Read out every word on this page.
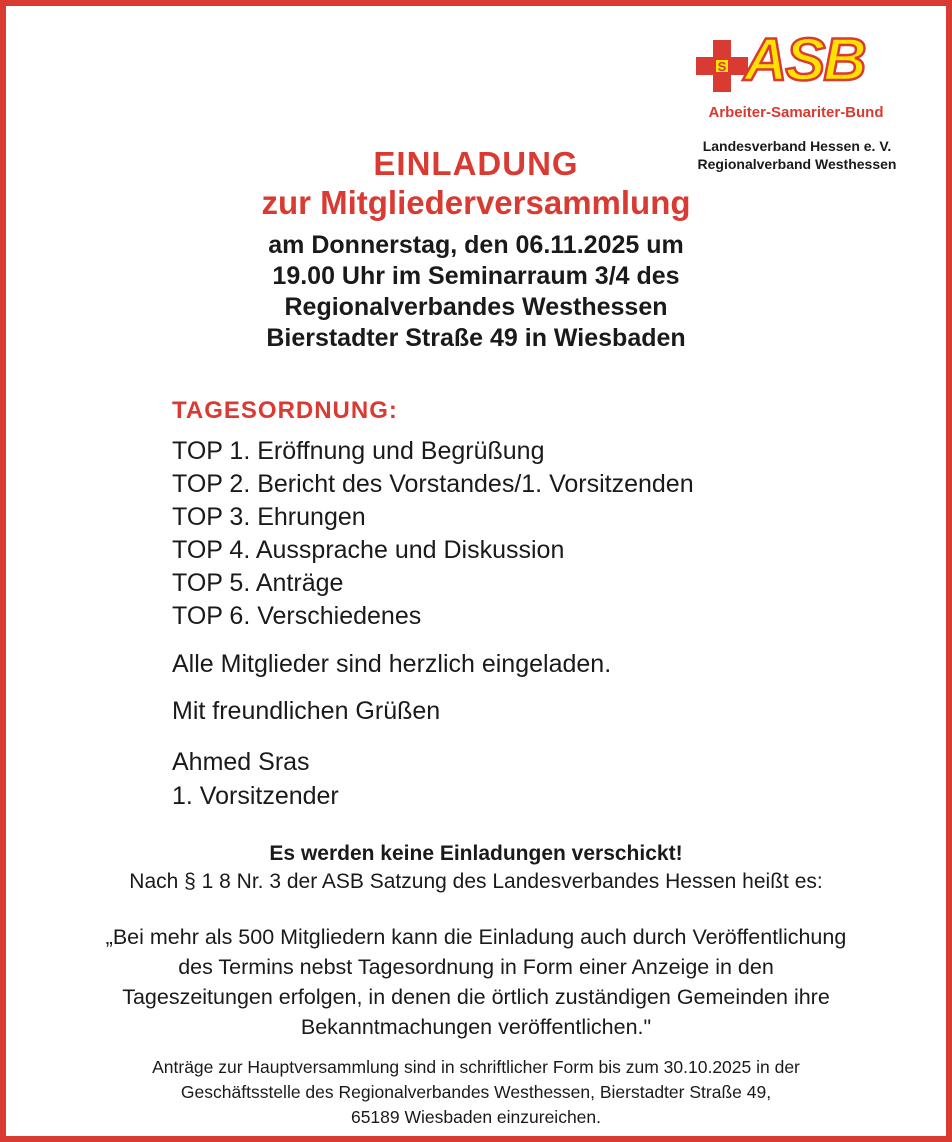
S ASB
Arbeiter-Samariter-Bund
Landesverband Hessen e. V.
Regionalverband Westhessen
EINLADUNG
zur Mitgliederversammlung
am Donnerstag, den 06.11.2025 um
19.00 Uhr im Seminarraum 3/4 des
Regionalverbandes Westhessen
Bierstadter Straße 49 in Wiesbaden
TAGESORDNUNG:
TOP 1. Eröffnung und Begrüßung
TOP 2. Bericht des Vorstandes/1. Vorsitzenden
TOP 3. Ehrungen
TOP 4. Aussprache und Diskussion
TOP 5. Anträge
TOP 6. Verschiedenes
Alle Mitglieder sind herzlich eingeladen.
Mit freundlichen Grüßen
Ahmed Sras
1. Vorsitzender
Es werden keine Einladungen verschickt!
Nach § 1 8 Nr. 3 der ASB Satzung des Landesverbandes Hessen heißt es:
„Bei mehr als 500 Mitgliedern kann die Einladung auch durch Veröffentlichung
des Termins nebst Tagesordnung in Form einer Anzeige in den
Tageszeitungen erfolgen, in denen die örtlich zuständigen Gemeinden ihre
Bekanntmachungen veröffentlichen."
Anträge zur Hauptversammlung sind in schriftlicher Form bis zum 30.10.2025 in der
Geschäftsstelle des Regionalverbandes Westhessen, Bierstadter Straße 49,
65189 Wiesbaden einzureichen.
